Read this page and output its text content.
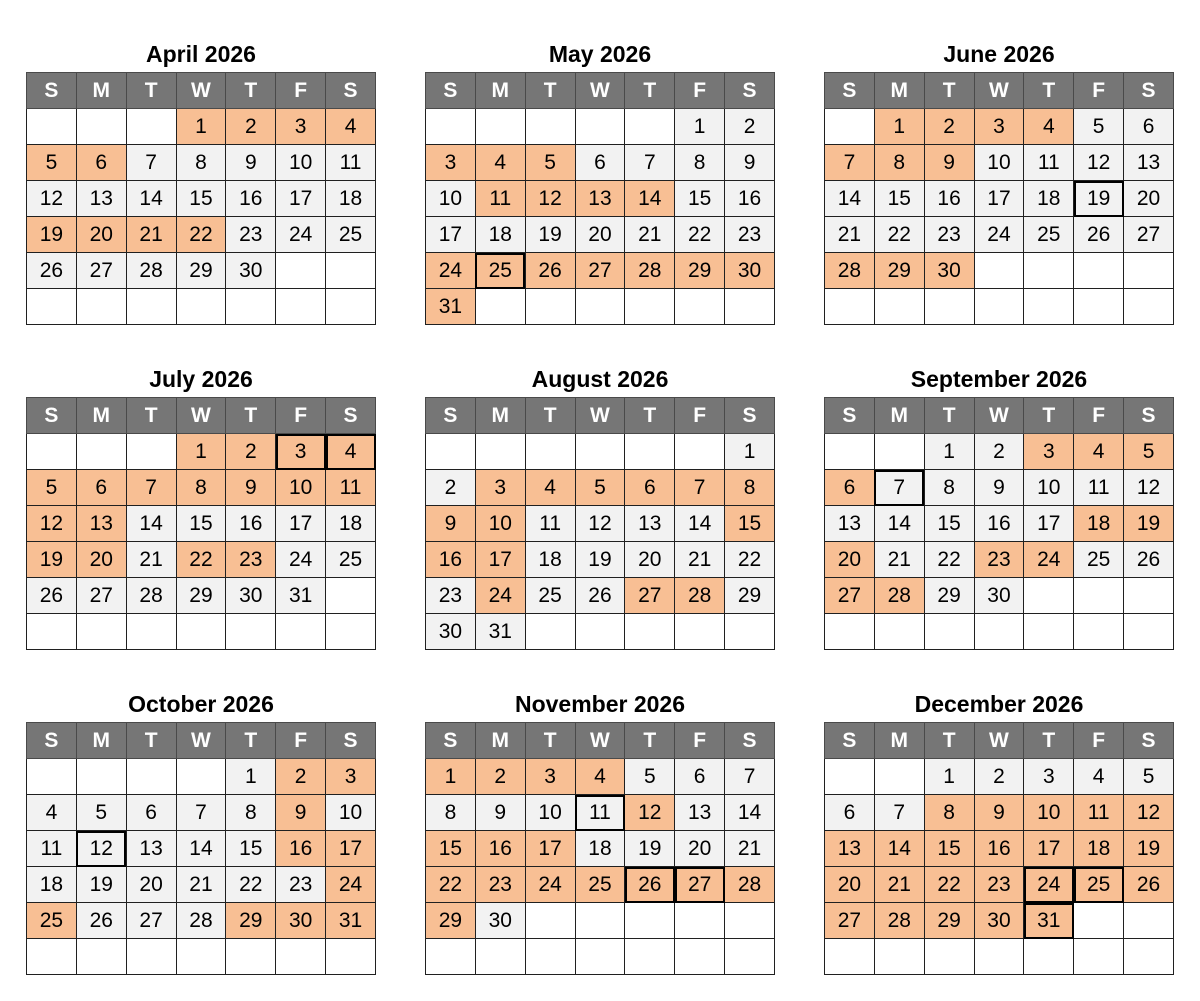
April 2026
S	M	T	W	T	F	S
			1	2	3	4
5	6	7	8	9	10	11
12	13	14	15	16	17	18
19	20	21	22	23	24	25
26	27	28	29	30		

May 2026
S	M	T	W	T	F	S
					1	2
3	4	5	6	7	8	9
10	11	12	13	14	15	16
17	18	19	20	21	22	23
24	25	26	27	28	29	30
31						
June 2026
S	M	T	W	T	F	S
	1	2	3	4	5	6
7	8	9	10	11	12	13
14	15	16	17	18	19	20
21	22	23	24	25	26	27
28	29	30				

July 2026
S	M	T	W	T	F	S
			1	2	3	4
5	6	7	8	9	10	11
12	13	14	15	16	17	18
19	20	21	22	23	24	25
26	27	28	29	30	31	

August 2026
S	M	T	W	T	F	S
						1
2	3	4	5	6	7	8
9	10	11	12	13	14	15
16	17	18	19	20	21	22
23	24	25	26	27	28	29
30	31					
September 2026
S	M	T	W	T	F	S
		1	2	3	4	5
6	7	8	9	10	11	12
13	14	15	16	17	18	19
20	21	22	23	24	25	26
27	28	29	30			

October 2026
S	M	T	W	T	F	S
				1	2	3
4	5	6	7	8	9	10
11	12	13	14	15	16	17
18	19	20	21	22	23	24
25	26	27	28	29	30	31

November 2026
S	M	T	W	T	F	S
1	2	3	4	5	6	7
8	9	10	11	12	13	14
15	16	17	18	19	20	21
22	23	24	25	26	27	28
29	30					

December 2026
S	M	T	W	T	F	S
		1	2	3	4	5
6	7	8	9	10	11	12
13	14	15	16	17	18	19
20	21	22	23	24	25	26
27	28	29	30	31		
